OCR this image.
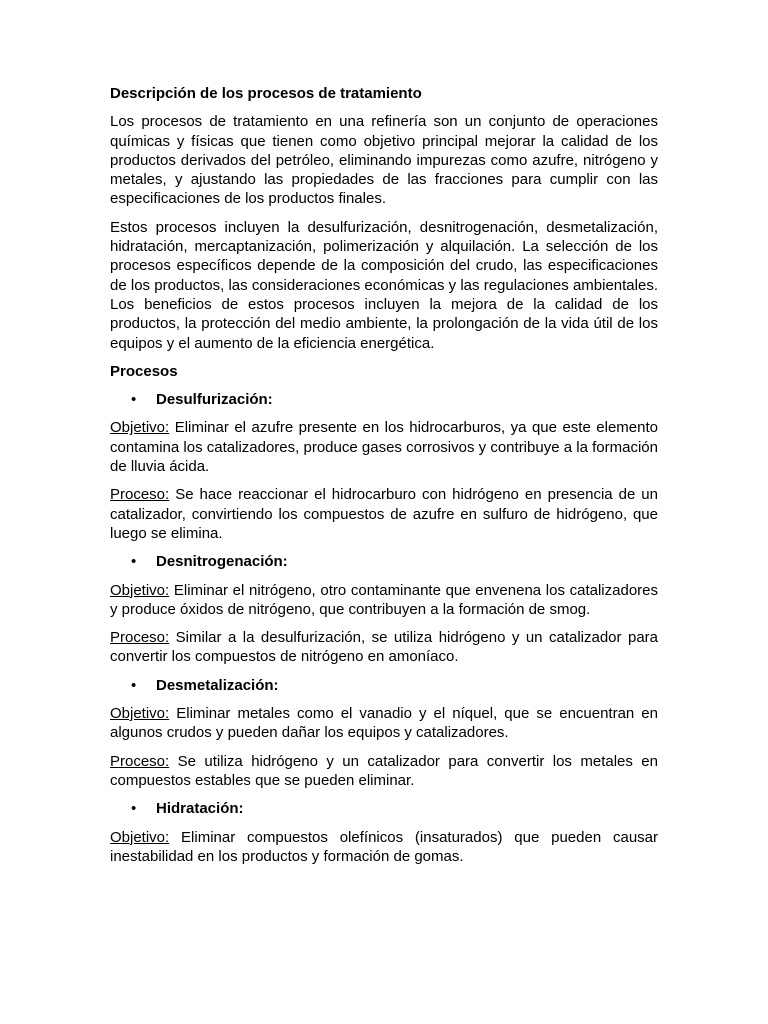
Descripción de los procesos de tratamiento
Los procesos de tratamiento en una refinería son un conjunto de operaciones químicas y físicas que tienen como objetivo principal mejorar la calidad de los productos derivados del petróleo, eliminando impurezas como azufre, nitrógeno y metales, y ajustando las propiedades de las fracciones para cumplir con las especificaciones de los productos finales.
Estos procesos incluyen la desulfurización, desnitrogenación, desmetalización, hidratación, mercaptanización, polimerización y alquilación. La selección de los procesos específicos depende de la composición del crudo, las especificaciones de los productos, las consideraciones económicas y las regulaciones ambientales. Los beneficios de estos procesos incluyen la mejora de la calidad de los productos, la protección del medio ambiente, la prolongación de la vida útil de los equipos y el aumento de la eficiencia energética.
Procesos
• Desulfurización:
Objetivo: Eliminar el azufre presente en los hidrocarburos, ya que este elemento contamina los catalizadores, produce gases corrosivos y contribuye a la formación de lluvia ácida.
Proceso: Se hace reaccionar el hidrocarburo con hidrógeno en presencia de un catalizador, convirtiendo los compuestos de azufre en sulfuro de hidrógeno, que luego se elimina.
• Desnitrogenación:
Objetivo: Eliminar el nitrógeno, otro contaminante que envenena los catalizadores y produce óxidos de nitrógeno, que contribuyen a la formación de smog.
Proceso: Similar a la desulfurización, se utiliza hidrógeno y un catalizador para convertir los compuestos de nitrógeno en amoníaco.
• Desmetalización:
Objetivo: Eliminar metales como el vanadio y el níquel, que se encuentran en algunos crudos y pueden dañar los equipos y catalizadores.
Proceso: Se utiliza hidrógeno y un catalizador para convertir los metales en compuestos estables que se pueden eliminar.
• Hidratación:
Objetivo: Eliminar compuestos olefínicos (insaturados) que pueden causar inestabilidad en los productos y formación de gomas.
